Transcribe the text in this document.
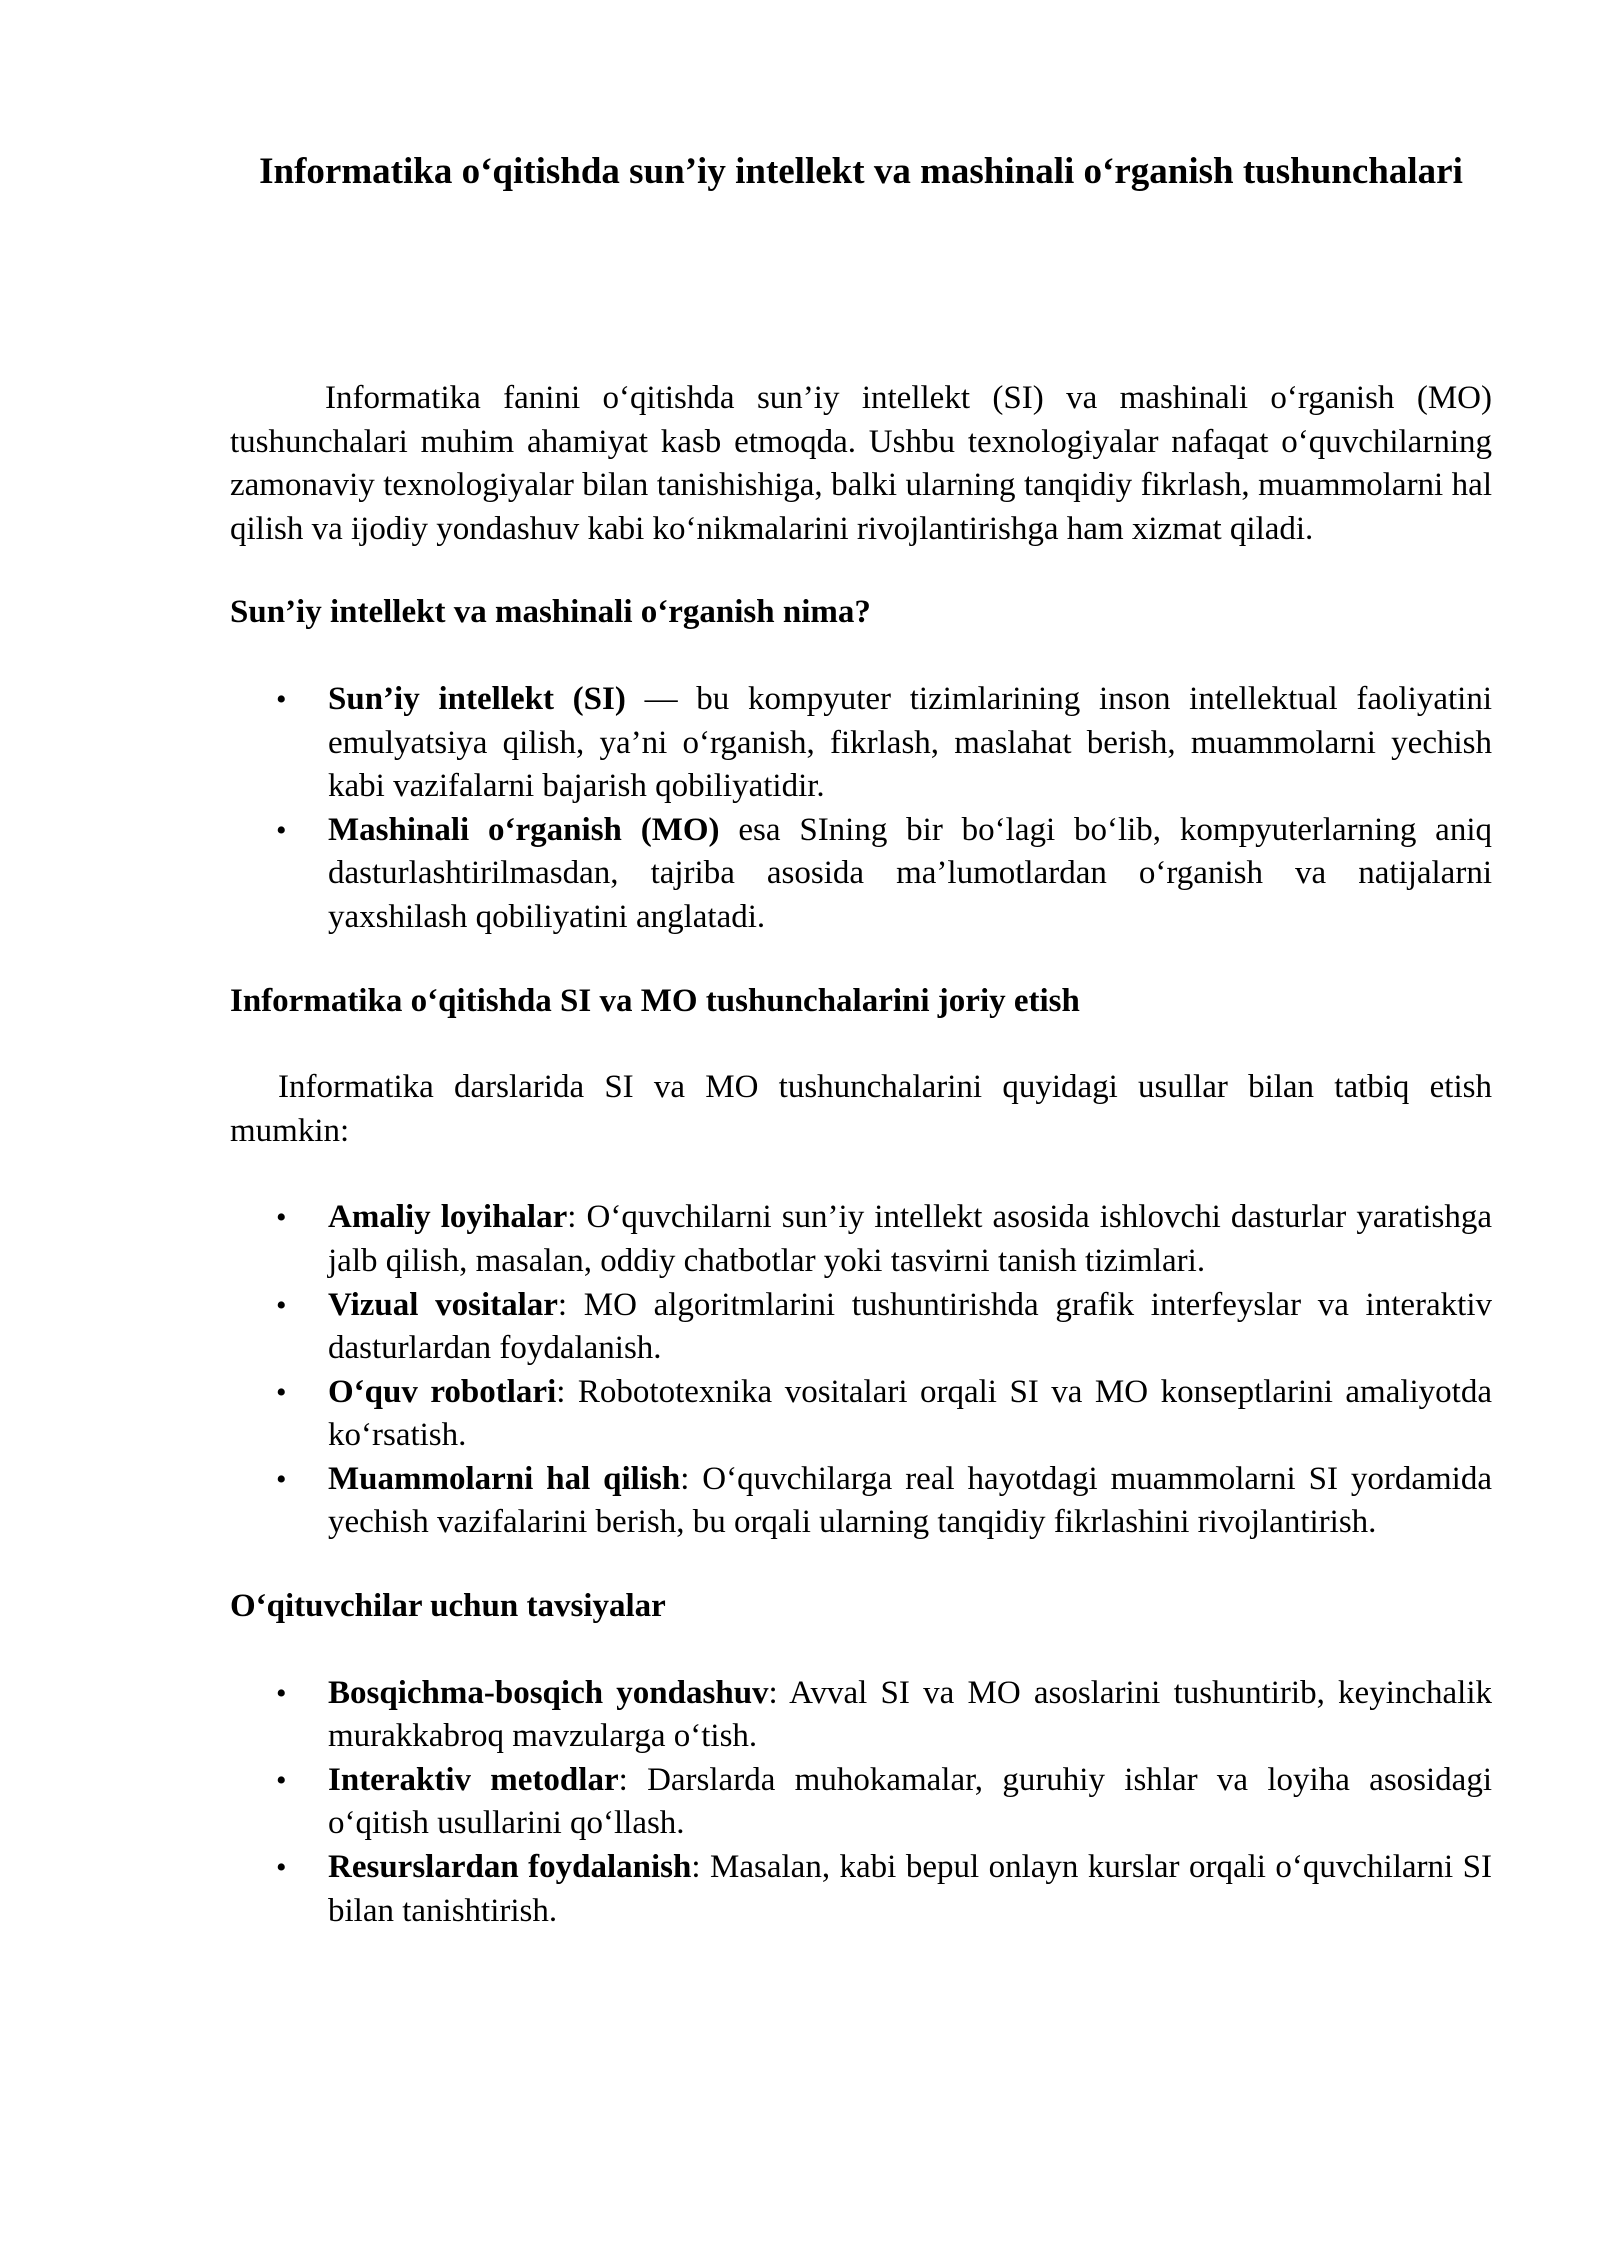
Informatika o‘qitishda sun’iy intellekt va mashinali o‘rganish tushunchalari

Informatika fanini o‘qitishda sun’iy intellekt (SI) va mashinali o‘rganish (MO) tushunchalari muhim ahamiyat kasb etmoqda. Ushbu texnologiyalar nafaqat o‘quvchilarning zamonaviy texnologiyalar bilan tanishishiga, balki ularning tanqidiy fikrlash, muammolarni hal qilish va ijodiy yondashuv kabi ko‘nikmalarini rivojlantirishga ham xizmat qiladi.

Sun’iy intellekt va mashinali o‘rganish nima?
• Sun’iy intellekt (SI) — bu kompyuter tizimlarining inson intellektual faoliyatini emulyatsiya qilish, ya’ni o‘rganish, fikrlash, maslahat berish, muammolarni yechish kabi vazifalarni bajarish qobiliyatidir.
• Mashinali o‘rganish (MO) esa SIning bir bo‘lagi bo‘lib, kompyuterlarning aniq dasturlashtirilmasdan, tajriba asosida ma’lumotlardan o‘rganish va natijalarni yaxshilash qobiliyatini anglatadi.
Informatika o‘qitishda SI va MO tushunchalarini joriy etish

Informatika darslarida SI va MO tushunchalarini quyidagi usullar bilan tatbiq etish mumkin:

• Amaliy loyihalar: O‘quvchilarni sun’iy intellekt asosida ishlovchi dasturlar yaratishga jalb qilish, masalan, oddiy chatbotlar yoki tasvirni tanish tizimlari.
• Vizual vositalar: MO algoritmlarini tushuntirishda grafik interfeyslar va interaktiv dasturlardan foydalanish.
• O‘quv robotlari: Robototexnika vositalari orqali SI va MO konseptlarini amaliyotda ko‘rsatish.
• Muammolarni hal qilish: O‘quvchilarga real hayotdagi muammolarni SI yordamida yechish vazifalarini berish, bu orqali ularning tanqidiy fikrlashini rivojlantirish.
O‘qituvchilar uchun tavsiyalar
• Bosqichma-bosqich yondashuv: Avval SI va MO asoslarini tushuntirib, keyinchalik murakkabroq mavzularga o‘tish.
• Interaktiv metodlar: Darslarda muhokamalar, guruhiy ishlar va loyiha asosidagi o‘qitish usullarini qo‘llash.
• Resurslardan foydalanish: Masalan, kabi bepul onlayn kurslar orqali o‘quvchilarni SI bilan tanishtirish.
